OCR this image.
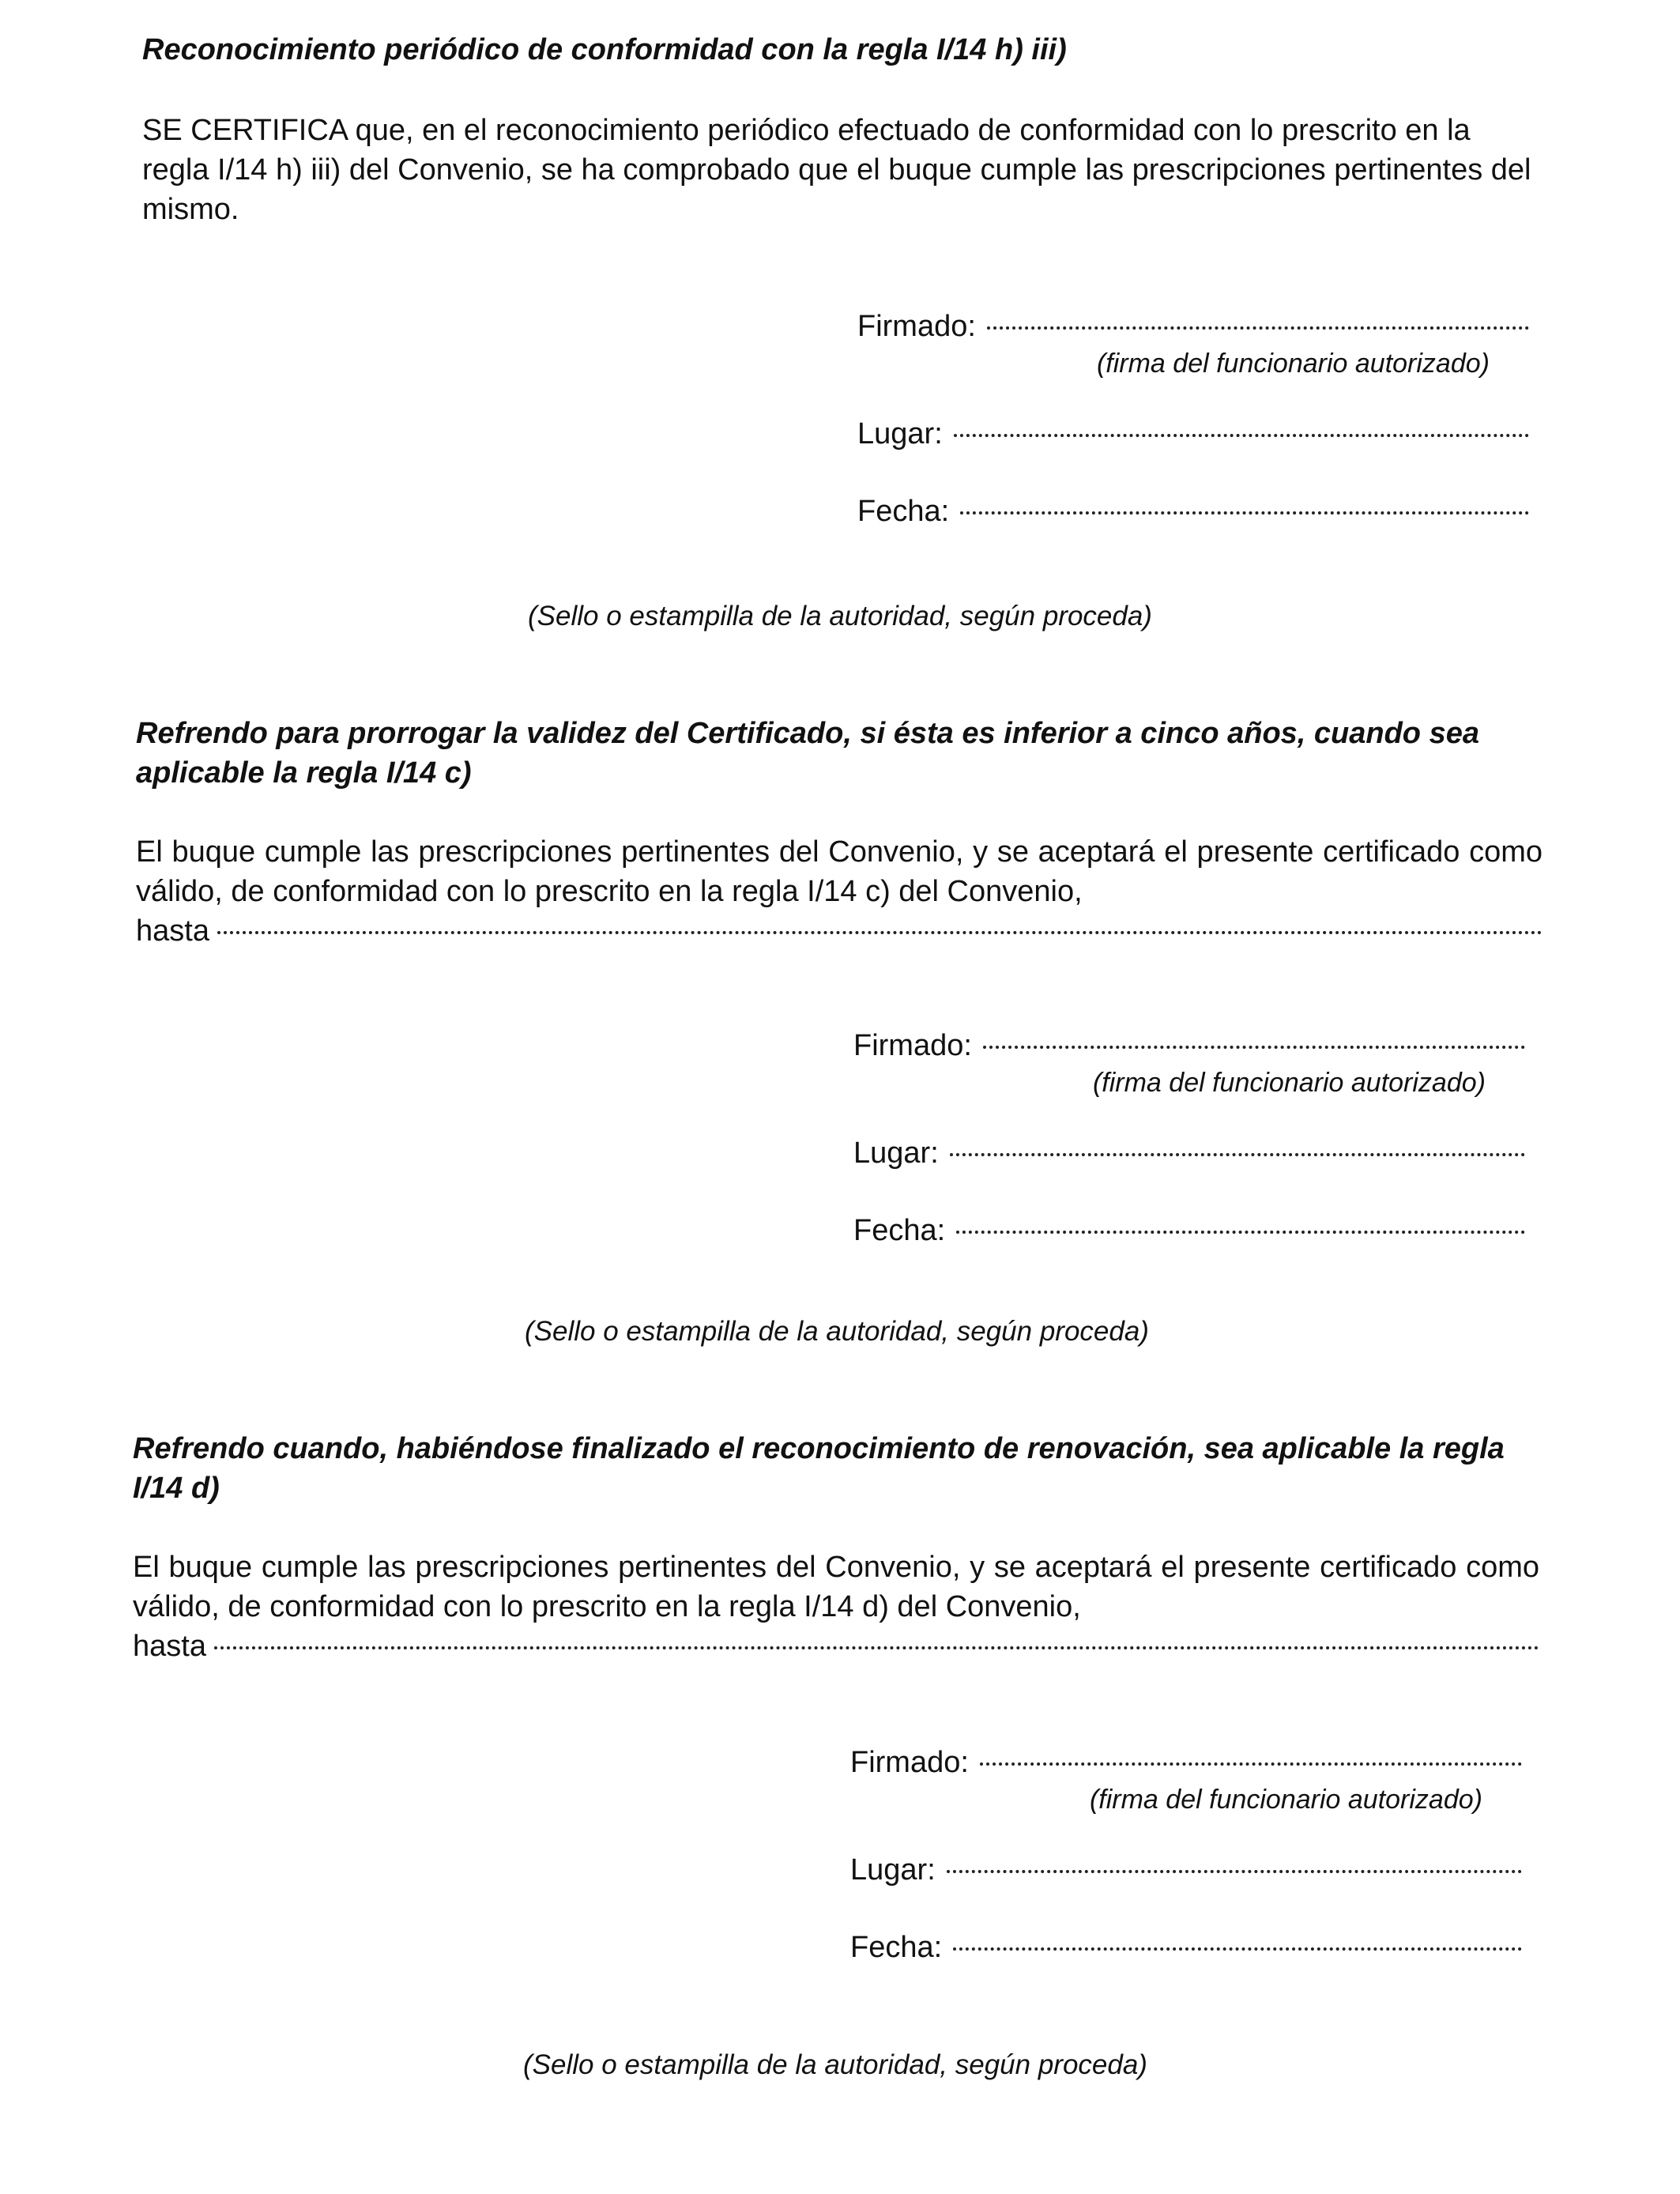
Reconocimiento periódico de conformidad con la regla I/14 h) iii)

SE CERTIFICA que, en el reconocimiento periódico efectuado de conformidad con lo prescrito en la regla I/14 h) iii) del Convenio, se ha comprobado que el buque cumple las prescripciones pertinentes del mismo.

Firmado:
(firma del funcionario autorizado)
Lugar:
Fecha:
(Sello o estampilla de la autoridad, según proceda)

Refrendo para prorrogar la validez del Certificado, si ésta es inferior a cinco años, cuando sea aplicable la regla I/14 c)

El buque cumple las prescripciones pertinentes del Convenio, y se aceptará el presente certificado como válido, de conformidad con lo prescrito en la regla I/14 c) del Convenio,

hasta
Firmado:
(firma del funcionario autorizado)
Lugar:
Fecha:
(Sello o estampilla de la autoridad, según proceda)

Refrendo cuando, habiéndose finalizado el reconocimiento de renovación, sea aplicable la regla I/14 d)

El buque cumple las prescripciones pertinentes del Convenio, y se aceptará el presente certificado como válido, de conformidad con lo prescrito en la regla I/14 d) del Convenio,

hasta
Firmado:
(firma del funcionario autorizado)
Lugar:
Fecha:
(Sello o estampilla de la autoridad, según proceda)
